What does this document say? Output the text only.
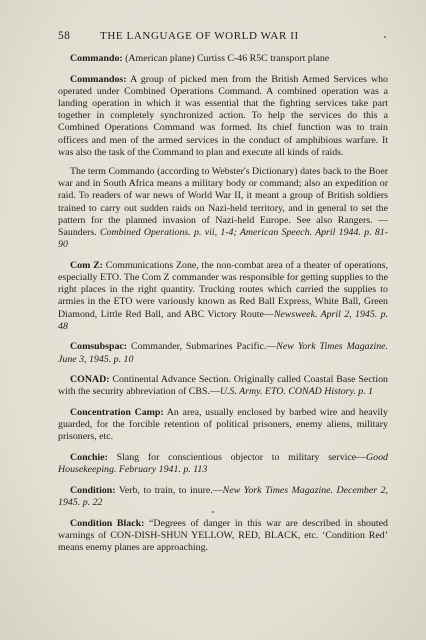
58	THE LANGUAGE OF WORLD WAR II

Commando: (American plane) Curtiss C-46 R5C transport plane

Commandos: A group of picked men from the British Armed Services who operated under Combined Operations Command. A combined operation was a landing operation in which it was essential that the fighting services take part together in completely synchronized action. To help the services do this a Combined Operations Command was formed. Its chief function was to train officers and men of the armed services in the conduct of amphibious warfare. It was also the task of the Command to plan and execute all kinds of raids.

The term Commando (according to Webster's Dictionary) dates back to the Boer war and in South Africa means a military body or command; also an expedition or raid. To readers of war news of World War II, it meant a group of British soldiers trained to carry out sudden raids on Nazi-held territory, and in general to set the pattern for the planned invasion of Nazi-held Europe. See also Rangers. —Saunders. Combined Operations. p. vii, 1-4; American Speech. April 1944. p. 81-90

Com Z: Communications Zone, the non-combat area of a theater of operations, especially ETO. The Com Z commander was responsible for getting supplies to the right places in the right quantity. Trucking routes which carried the supplies to armies in the ETO were variously known as Red Ball Express, White Ball, Green Diamond, Little Red Ball, and ABC Victory Route—Newsweek. April 2, 1945. p. 48

Comsubspac: Commander, Submarines Pacific.—New York Times Magazine. June 3, 1945. p. 10

CONAD: Continental Advance Section. Originally called Coastal Base Section with the security abbreviation of CBS.—U.S. Army. ETO. CONAD History. p. 1

Concentration Camp: An area, usually enclosed by barbed wire and heavily guarded, for the forcible retention of political prisoners, enemy aliens, military prisoners, etc.

Conchie: Slang for conscientious objector to military service—Good Housekeeping. February 1941. p. 113

Condition: Verb, to train, to inure.—New York Times Magazine. December 2, 1945. p. 22

Condition Black: “Degrees of danger in this war are described in shouted warnings of CON-DISH-SHUN YELLOW, RED, BLACK, etc. ‘Condition Red’ means enemy planes are approaching.
